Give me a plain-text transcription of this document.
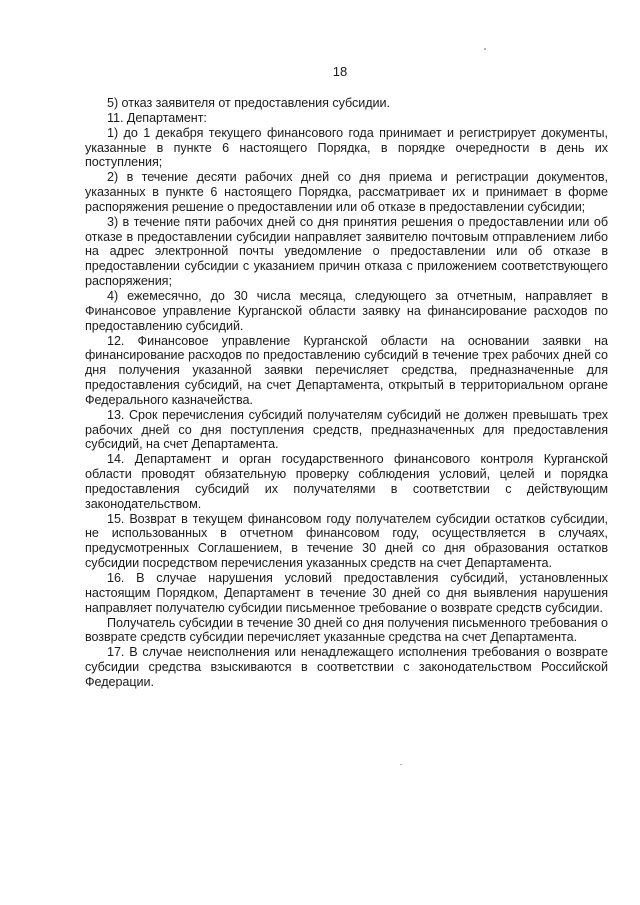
18

5) отказ заявителя от предоставления субсидии.

11. Департамент:

1) до 1 декабря текущего финансового года принимает и регистрирует документы, указанные в пункте 6 настоящего Порядка, в порядке очередности в день их поступления;

2) в течение десяти рабочих дней со дня приема и регистрации документов, указанных в пункте 6 настоящего Порядка, рассматривает их и принимает в форме распоряжения решение о предоставлении или об отказе в предоставлении субсидии;

3) в течение пяти рабочих дней со дня принятия решения о предоставлении или об отказе в предоставлении субсидии направляет заявителю почтовым отправлением либо на адрес электронной почты уведомление о предоставлении или об отказе в предоставлении субсидии с указанием причин отказа с приложением соответствующего распоряжения;

4) ежемесячно, до 30 числа месяца, следующего за отчетным, направляет в Финансовое управление Курганской области заявку на финансирование расходов по предоставлению субсидий.

12. Финансовое управление Курганской области на основании заявки на финансирование расходов по предоставлению субсидий в течение трех рабочих дней со дня получения указанной заявки перечисляет средства, предназначенные для предоставления субсидий, на счет Департамента, открытый в территориальном органе Федерального казначейства.

13. Срок перечисления субсидий получателям субсидий не должен превышать трех рабочих дней со дня поступления средств, предназначенных для предоставления субсидий, на счет Департамента.

14. Департамент и орган государственного финансового контроля Курганской области проводят обязательную проверку соблюдения условий, целей и порядка предоставления субсидий их получателями в соответствии с действующим законодательством.

15. Возврат в текущем финансовом году получателем субсидии остатков субсидии, не использованных в отчетном финансовом году, осуществляется в случаях, предусмотренных Соглашением, в течение 30 дней со дня образования остатков субсидии посредством перечисления указанных средств на счет Департамента.

16. В случае нарушения условий предоставления субсидий, установленных настоящим Порядком, Департамент в течение 30 дней со дня выявления нарушения направляет получателю субсидии письменное требование о возврате средств субсидии.

Получатель субсидии в течение 30 дней со дня получения письменного требования о возврате средств субсидии перечисляет указанные средства на счет Департамента.

17. В случае неисполнения или ненадлежащего исполнения требования о возврате субсидии средства взыскиваются в соответствии с законодательством Российской Федерации.
